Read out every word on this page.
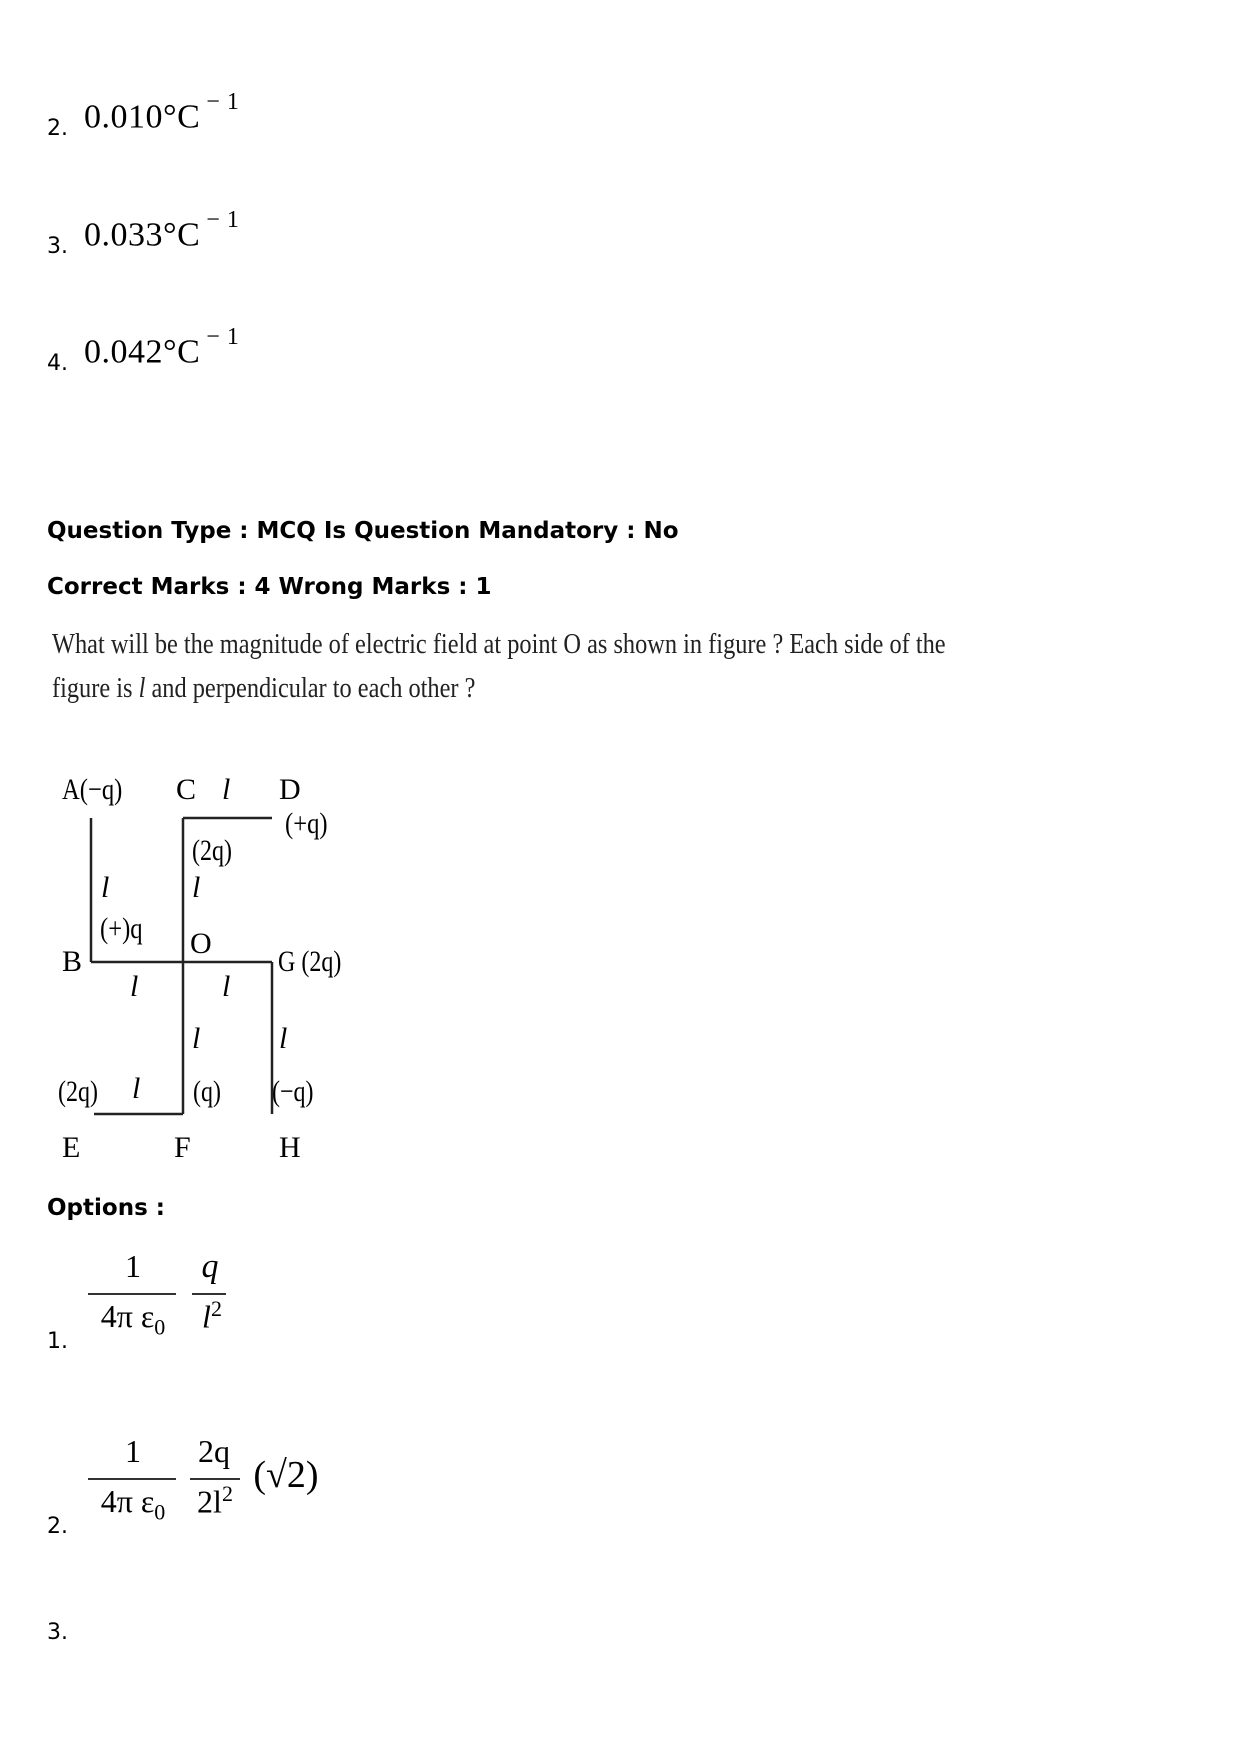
2. 0.010°C $^{- 1}$
3. 0.033°C $^{- 1}$
4. 0.042°C $^{- 1}$
Question Type : MCQ Is Question Mandatory : No
Correct Marks : 4 Wrong Marks : 1
What will be the magnitude of electric field at point O as shown in figure ? Each side of the
figure is l and perpendicular to each other ?
A(−q) C l D
(+q)
(2q)
l
l
(+)q
B
O
G (2q)
l	l
l	l
(2q) l (q) (−q)
E	F	H
Options :
1.
1
4π $\varepsilon_0$
q
$l^2$
2.
1
4π $\varepsilon_0$
2q
$2l^2$ (√2)
3.
